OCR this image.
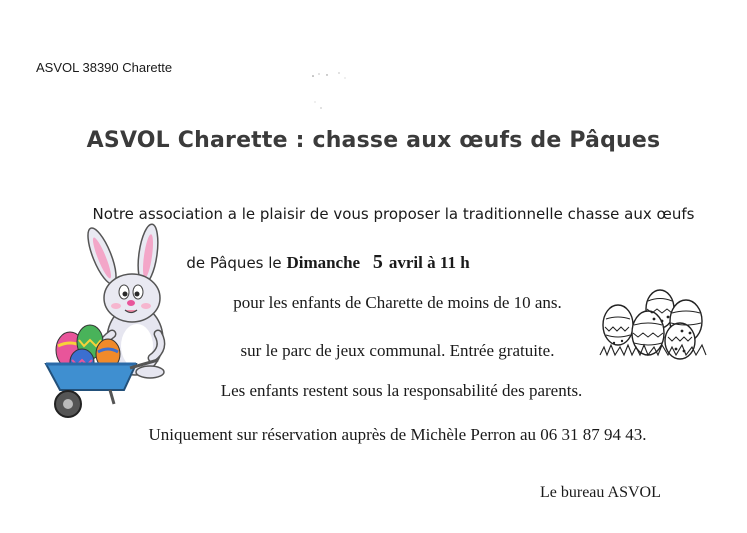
ASVOL 38390 Charette
ASVOL Charette : chasse aux œufs de Pâques
Notre association a le plaisir de vous proposer la traditionnelle chasse aux œufs
de Pâques le Dimanche 5 avril à 11 h
pour les enfants de Charette de moins de 10 ans.
sur le parc de jeux communal. Entrée gratuite.
Les enfants restent sous la responsabilité des parents.
Uniquement sur réservation auprès de Michèle Perron au 06 31 87 94 43.
Le bureau ASVOL
